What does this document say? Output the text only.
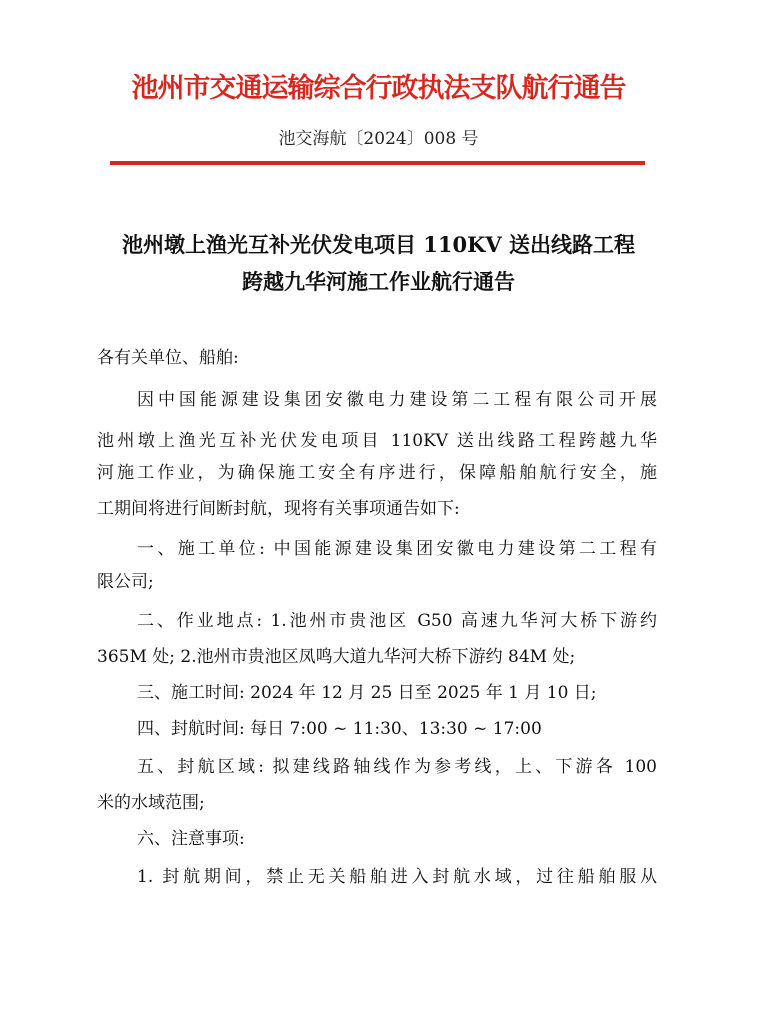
池州市交通运输综合行政执法支队航行通告
池交海航〔2024〕008 号
池州墩上渔光互补光伏发电项目 110KV 送出线路工程
跨越九华河施工作业航行通告
各有关单位、船舶:
因中国能源建设集团安徽电力建设第二工程有限公司开展
池州墩上渔光互补光伏发电项目 110KV 送出线路工程跨越九华
河施工作业，为确保施工安全有序进行，保障船舶航行安全，施
工期间将进行间断封航，现将有关事项通告如下:
一、施工单位: 中国能源建设集团安徽电力建设第二工程有
限公司;
二、作业地点: 1.池州市贵池区 G50 高速九华河大桥下游约
365M 处; 2.池州市贵池区凤鸣大道九华河大桥下游约 84M 处;
三、施工时间: 2024 年 12 月 25 日至 2025 年 1 月 10 日;
四、封航时间: 每日 7:00 ~ 11:30、13:30 ~ 17:00
五、封航区域: 拟建线路轴线作为参考线，上、下游各 100
米的水域范围;
六、注意事项:
1. 封航期间，禁止无关船舶进入封航水域，过往船舶服从
